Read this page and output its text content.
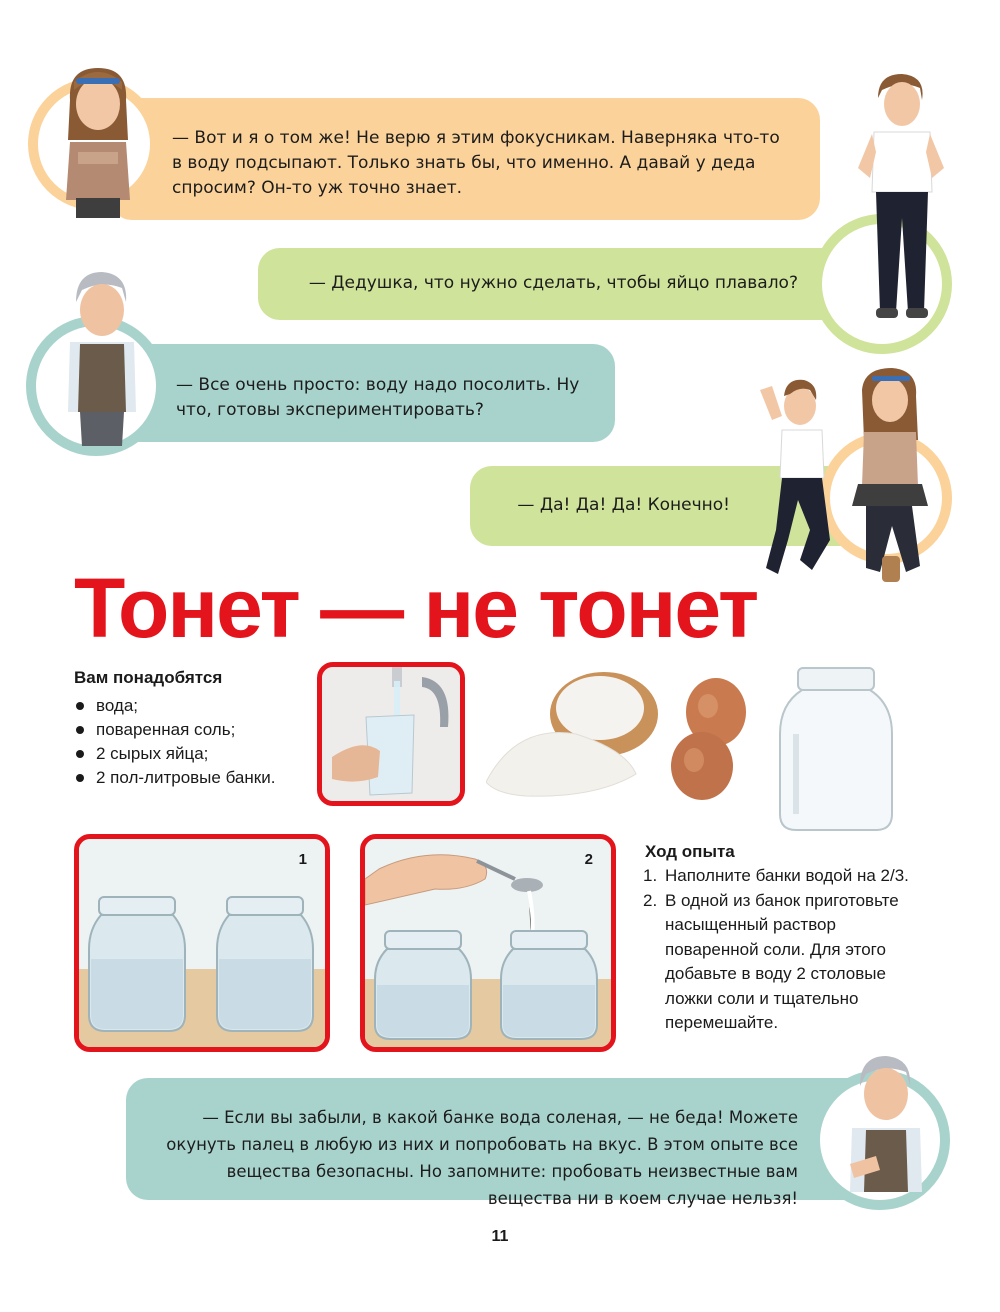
— Вот и я о том же! Не верю я этим фокусникам. Наверняка что-то в воду подсыпают. Только знать бы, что именно. А давай у деда спросим? Он-то уж точно знает.
— Дедушка, что нужно сделать, чтобы яйцо плавало?
— Все очень просто: воду надо посолить. Ну что, готовы экспериментировать?
— Да! Да! Да! Конечно!
Тонет — не тонет
Вам понадобятся
вода;
поваренная соль;
2 сырых яйца;
2 пол-литровые банки.
1	2	Ход опыта
1. Наполните банки водой на 2/3.
2. В одной из банок приготовьте насыщенный раствор поваренной соли. Для этого добавьте в воду 2 столовые ложки соли и тщательно перемешайте.
— Если вы забыли, в какой банке вода соленая, — не беда! Можете окунуть палец в любую из них и попробовать на вкус. В этом опыте все вещества безопасны. Но запомните: пробовать неизвестные вам вещества ни в коем случае нельзя!
11
